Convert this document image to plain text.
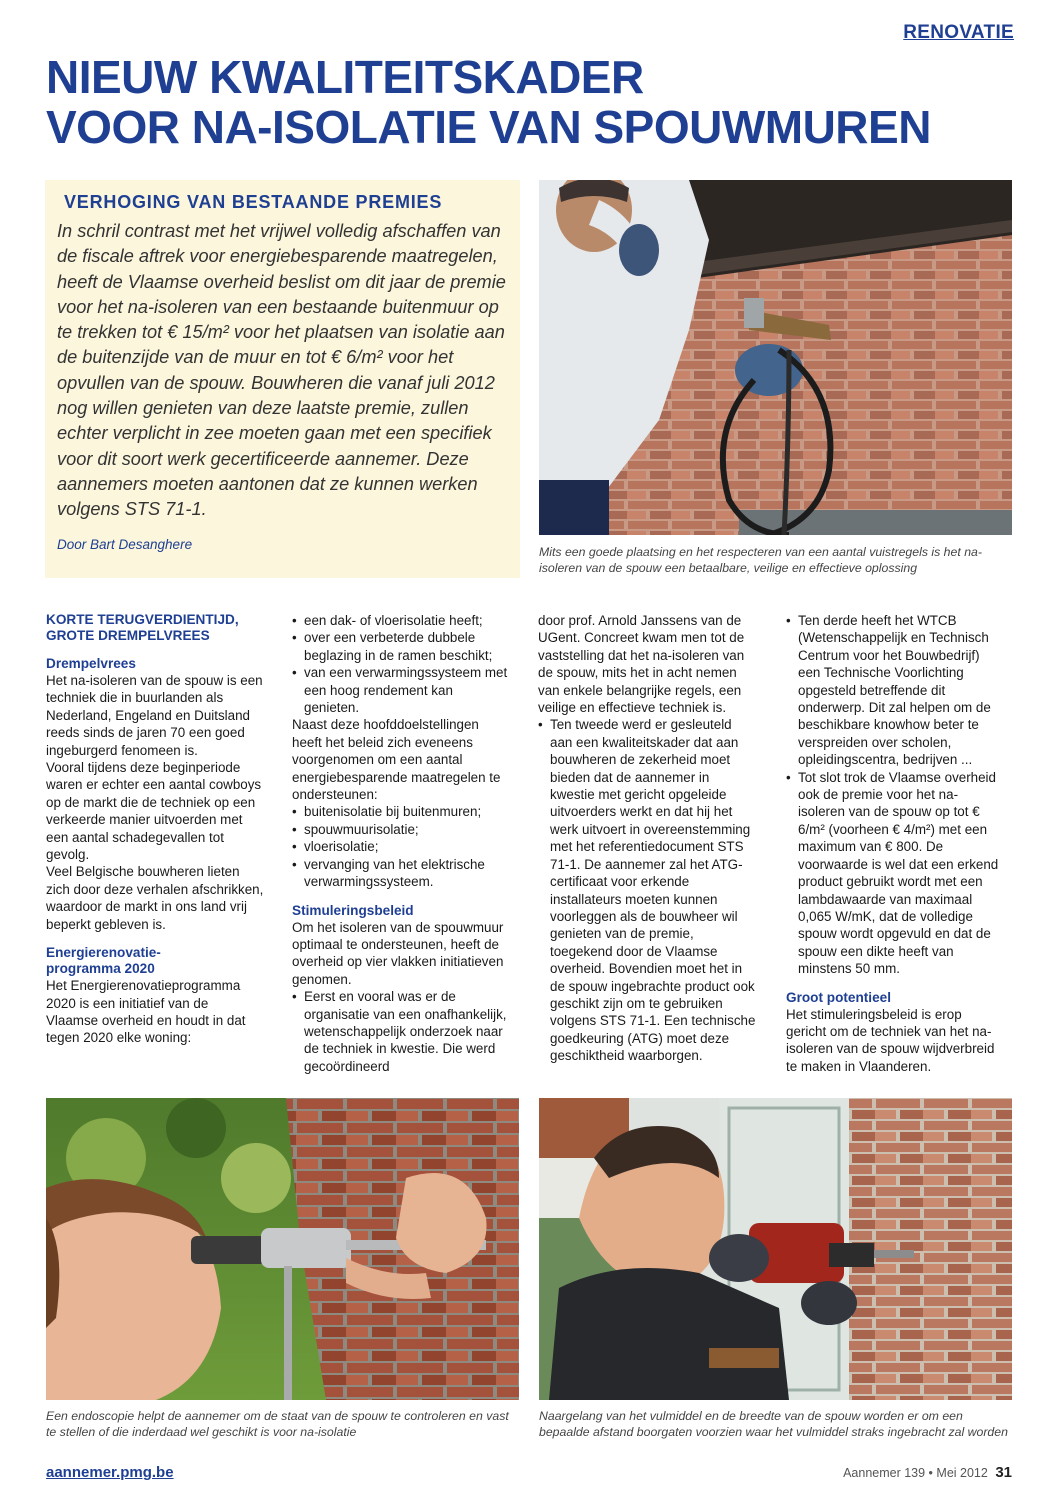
RENOVATIE
NIEUW KWALITEITSKADER
VOOR NA-ISOLATIE VAN SPOUWMUREN
VERHOGING VAN BESTAANDE PREMIES

In schril contrast met het vrijwel volledig afschaffen van de fiscale aftrek voor energiebesparende maatregelen, heeft de Vlaamse overheid beslist om dit jaar de premie voor het na-isoleren van een bestaande buitenmuur op te trekken tot € 15/m² voor het plaatsen van isolatie aan de buitenzijde van de muur en tot € 6/m² voor het opvullen van de spouw. Bouwheren die vanaf juli 2012 nog willen genieten van deze laatste premie, zullen echter verplicht in zee moeten gaan met een specifiek voor dit soort werk gecertificeerde aannemer. Deze aannemers moeten aantonen dat ze kunnen werken volgens STS 71-1.

Door Bart Desanghere

Mits een goede plaatsing en het respecteren van een aantal vuistregels is het na-isoleren van de spouw een betaalbare, veilige en effectieve oplossing

KORTE TERUGVERDIENTIJD,
GROTE DREMPELVREES
Drempelvrees

Het na-isoleren van de spouw is een techniek die in buurlanden als Nederland, Engeland en Duitsland reeds sinds de jaren 70 een goed ingeburgerd fenomeen is.

Vooral tijdens deze beginperiode waren er echter een aantal cowboys op de markt die de techniek op een verkeerde manier uitvoerden met een aantal schadegevallen tot gevolg.

Veel Belgische bouwheren lieten zich door deze verhalen afschrikken, waardoor de markt in ons land vrij beperkt gebleven is.

Energierenovatie-
programma 2020

Het Energierenovatieprogramma 2020 is een initiatief van de Vlaamse overheid en houdt in dat tegen 2020 elke woning:

• een dak- of vloerisolatie heeft;
• over een verbeterde dubbele beglazing in de ramen beschikt;
• van een verwarmingssysteem met een hoog rendement kan genieten.

Naast deze hoofddoelstellingen heeft het beleid zich eveneens voorgenomen om een aantal energiebesparende maatregelen te ondersteunen:

• buitenisolatie bij buitenmuren;
• spouwmuurisolatie;
• vloerisolatie;
• vervanging van het elektrische verwarmingssysteem.
Stimuleringsbeleid

Om het isoleren van de spouwmuur optimaal te ondersteunen, heeft de overheid op vier vlakken initiatieven genomen.

• Eerst en vooral was er de organisatie van een onafhankelijk, wetenschappelijk onderzoek naar de techniek in kwestie. Die werd gecoördineerd

door prof. Arnold Janssens van de UGent. Concreet kwam men tot de vaststelling dat het na-isoleren van de spouw, mits het in acht nemen van enkele belangrijke regels, een veilige en effectieve techniek is.

• Ten tweede werd er gesleuteld aan een kwaliteitskader dat aan bouwheren de zekerheid moet bieden dat de aannemer in kwestie met gericht opgeleide uitvoerders werkt en dat hij het werk uitvoert in overeenstemming met het referentiedocument STS 71-1. De aannemer zal het ATG-certificaat voor erkende installateurs moeten kunnen voorleggen als de bouwheer wil genieten van de premie, toegekend door de Vlaamse overheid. Bovendien moet het in de spouw ingebrachte product ook geschikt zijn om te gebruiken volgens STS 71-1. Een technische goedkeuring (ATG) moet deze geschiktheid waarborgen.
• Ten derde heeft het WTCB (Wetenschappelijk en Technisch Centrum voor het Bouwbedrijf) een Technische Voorlichting opgesteld betreffende dit onderwerp. Dit zal helpen om de beschikbare knowhow beter te verspreiden over scholen, opleidingscentra, bedrijven ...
• Tot slot trok de Vlaamse overheid ook de premie voor het na-isoleren van de spouw op tot € 6/m² (voorheen € 4/m²) met een maximum van € 800. De voorwaarde is wel dat een erkend product gebruikt wordt met een lambdawaarde van maximaal 0,065 W/mK, dat de volledige spouw wordt opgevuld en dat de spouw een dikte heeft van minstens 50 mm.
Groot potentieel

Het stimuleringsbeleid is erop gericht om de techniek van het na-isoleren van de spouw wijdverbreid te maken in Vlaanderen.

Een endoscopie helpt de aannemer om de staat van de spouw te controleren en vast te stellen of die inderdaad wel geschikt is voor na-isolatie

Naargelang van het vulmiddel en de breedte van de spouw worden er om een bepaalde afstand boorgaten voorzien waar het vulmiddel straks ingebracht zal worden

aannemer.pmg.be	Aannemer 139 • Mei 2012 31
